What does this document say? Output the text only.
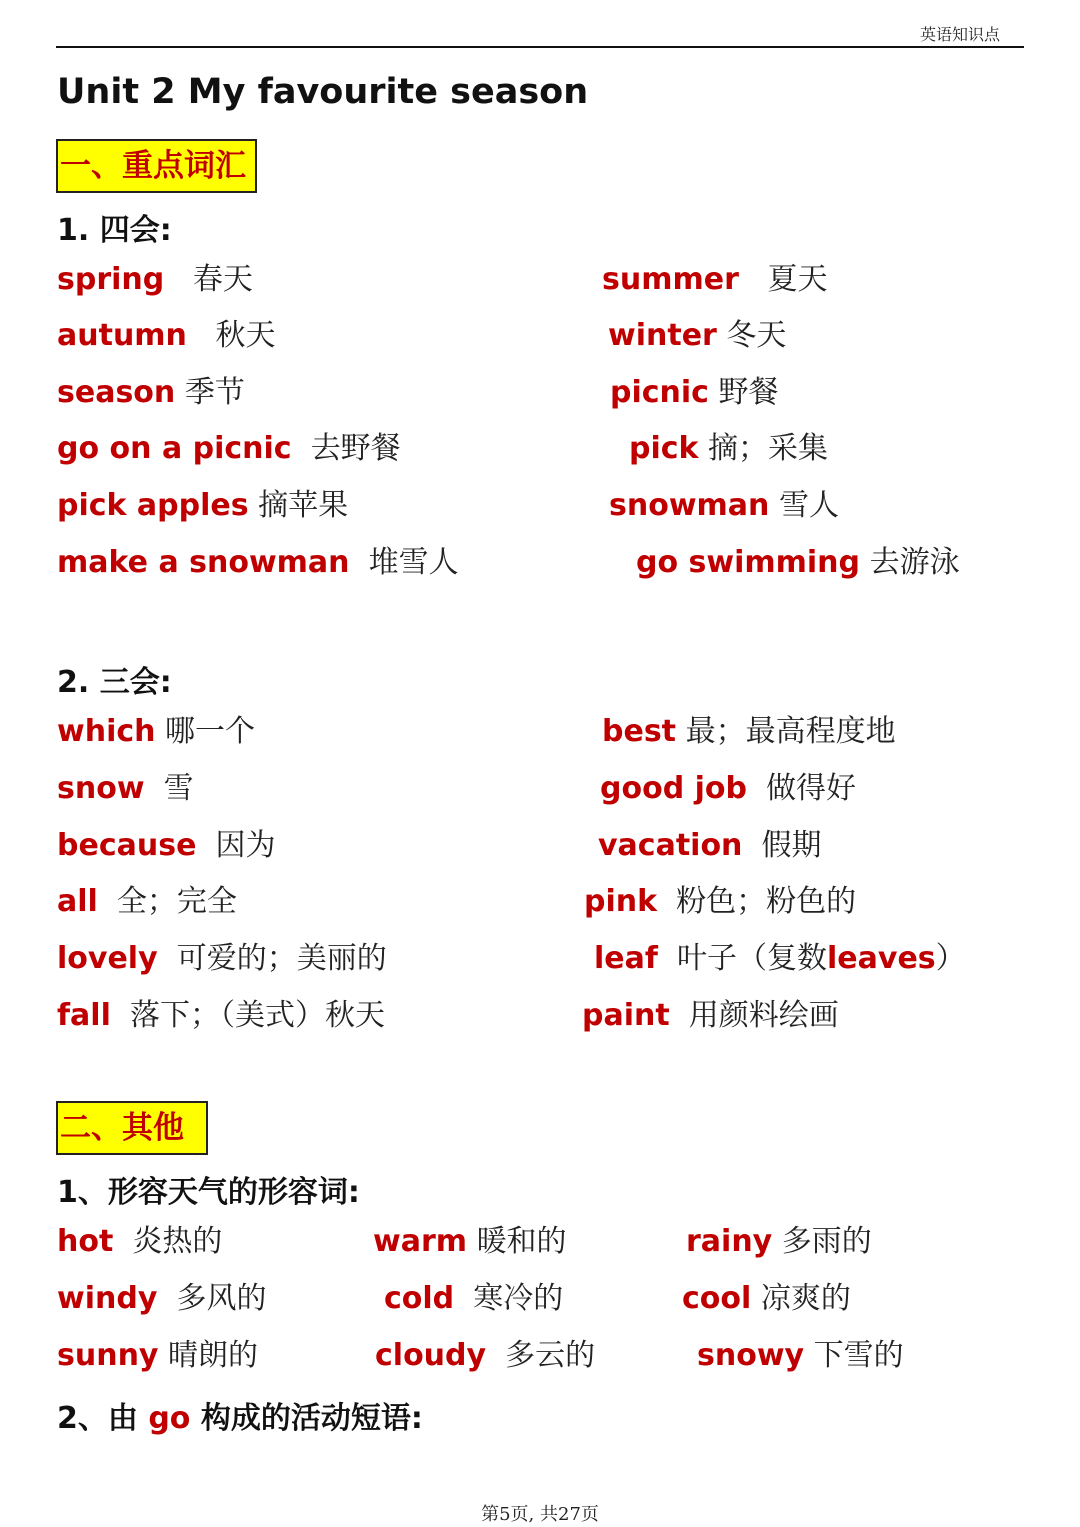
英语知识点
Unit 2 My favourite season
一、重点词汇
1. 四会:
spring 春天	summer 夏天
autumn 秋天	winter 冬天
season 季节	picnic 野餐
go on a picnic 去野餐	pick 摘；采集
pick apples 摘苹果	snowman 雪人
make a snowman 堆雪人	go swimming 去游泳
2. 三会:
which 哪一个	best 最；最高程度地
snow 雪	good job 做得好
because 因为	vacation 假期
all 全；完全	pink 粉色；粉色的
lovely 可爱的；美丽的	leaf 叶子（复数leaves）
fall 落下；（美式）秋天	paint 用颜料绘画
二、其他
1、形容天气的形容词:
hot 炎热的	warm 暖和的	rainy 多雨的
windy 多风的	cold 寒冷的	cool 凉爽的
sunny 晴朗的	cloudy 多云的	snowy 下雪的
2、由 go 构成的活动短语:
第5页, 共27页
